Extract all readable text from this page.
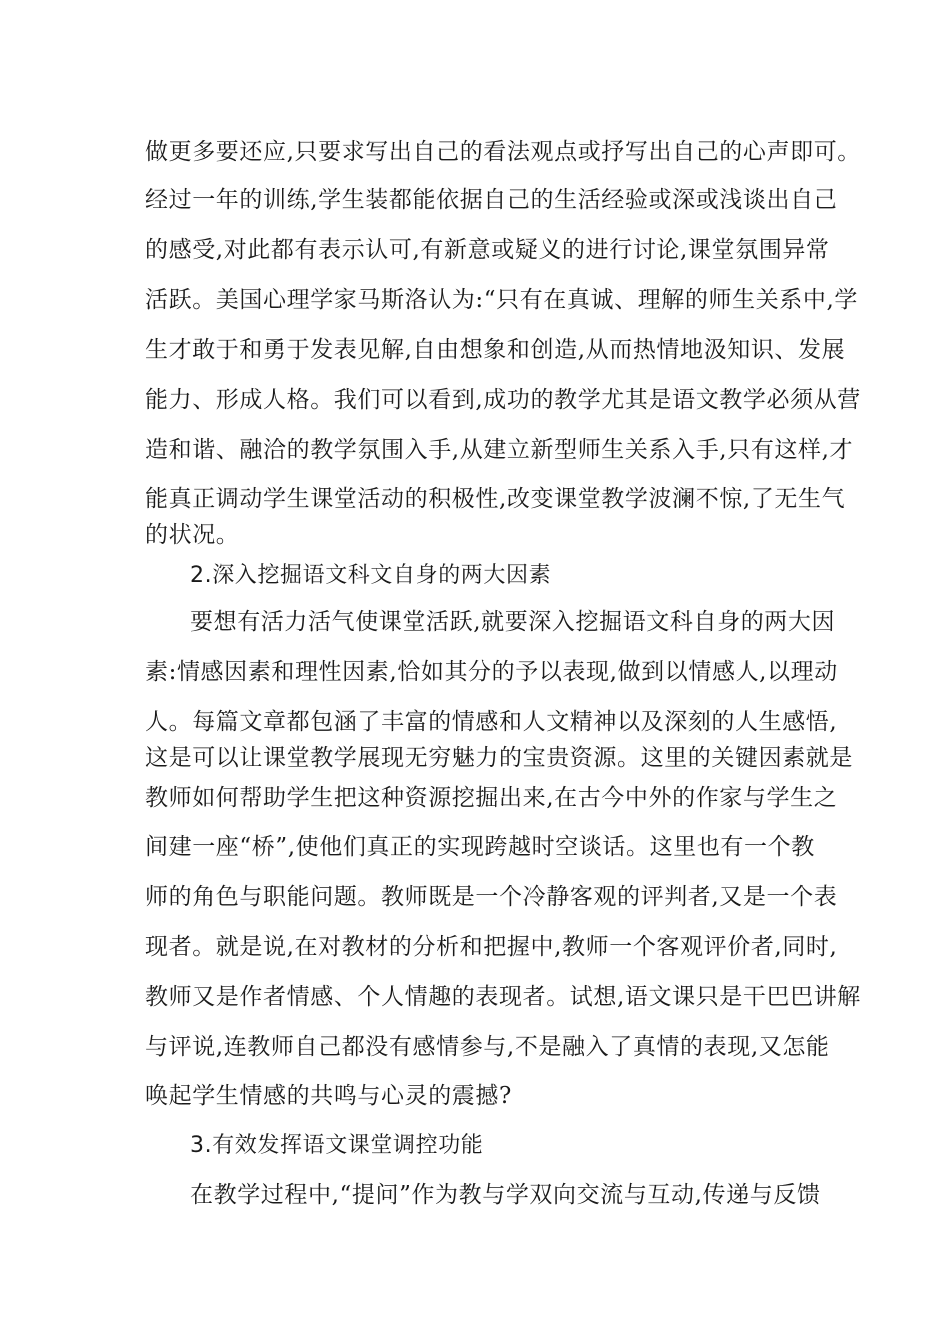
做更多要还应,只要求写出自己的看法观点或抒写出自己的心声即可。
经过一年的训练,学生装都能依据自己的生活经验或深或浅谈出自己
的感受,对此都有表示认可,有新意或疑义的进行讨论,课堂氛围异常
活跃。美国心理学家马斯洛认为:“只有在真诚、理解的师生关系中,学
生才敢于和勇于发表见解,自由想象和创造,从而热情地汲知识、发展
能力、形成人格。我们可以看到,成功的教学尤其是语文教学必须从营
造和谐、融洽的教学氛围入手,从建立新型师生关系入手,只有这样,才
能真正调动学生课堂活动的积极性,改变课堂教学波澜不惊,了无生气
的状况。
2.深入挖掘语文科文自身的两大因素
要想有活力活气使课堂活跃,就要深入挖掘语文科自身的两大因
素:情感因素和理性因素,恰如其分的予以表现,做到以情感人,以理动
人。每篇文章都包涵了丰富的情感和人文精神以及深刻的人生感悟,
这是可以让课堂教学展现无穷魅力的宝贵资源。这里的关键因素就是
教师如何帮助学生把这种资源挖掘出来,在古今中外的作家与学生之
间建一座“桥”,使他们真正的实现跨越时空谈话。这里也有一个教
师的角色与职能问题。教师既是一个冷静客观的评判者,又是一个表
现者。就是说,在对教材的分析和把握中,教师一个客观评价者,同时,
教师又是作者情感、个人情趣的表现者。试想,语文课只是干巴巴讲解
与评说,连教师自己都没有感情参与,不是融入了真情的表现,又怎能
唤起学生情感的共鸣与心灵的震撼?
3.有效发挥语文课堂调控功能
在教学过程中,“提问”作为教与学双向交流与互动,传递与反馈
